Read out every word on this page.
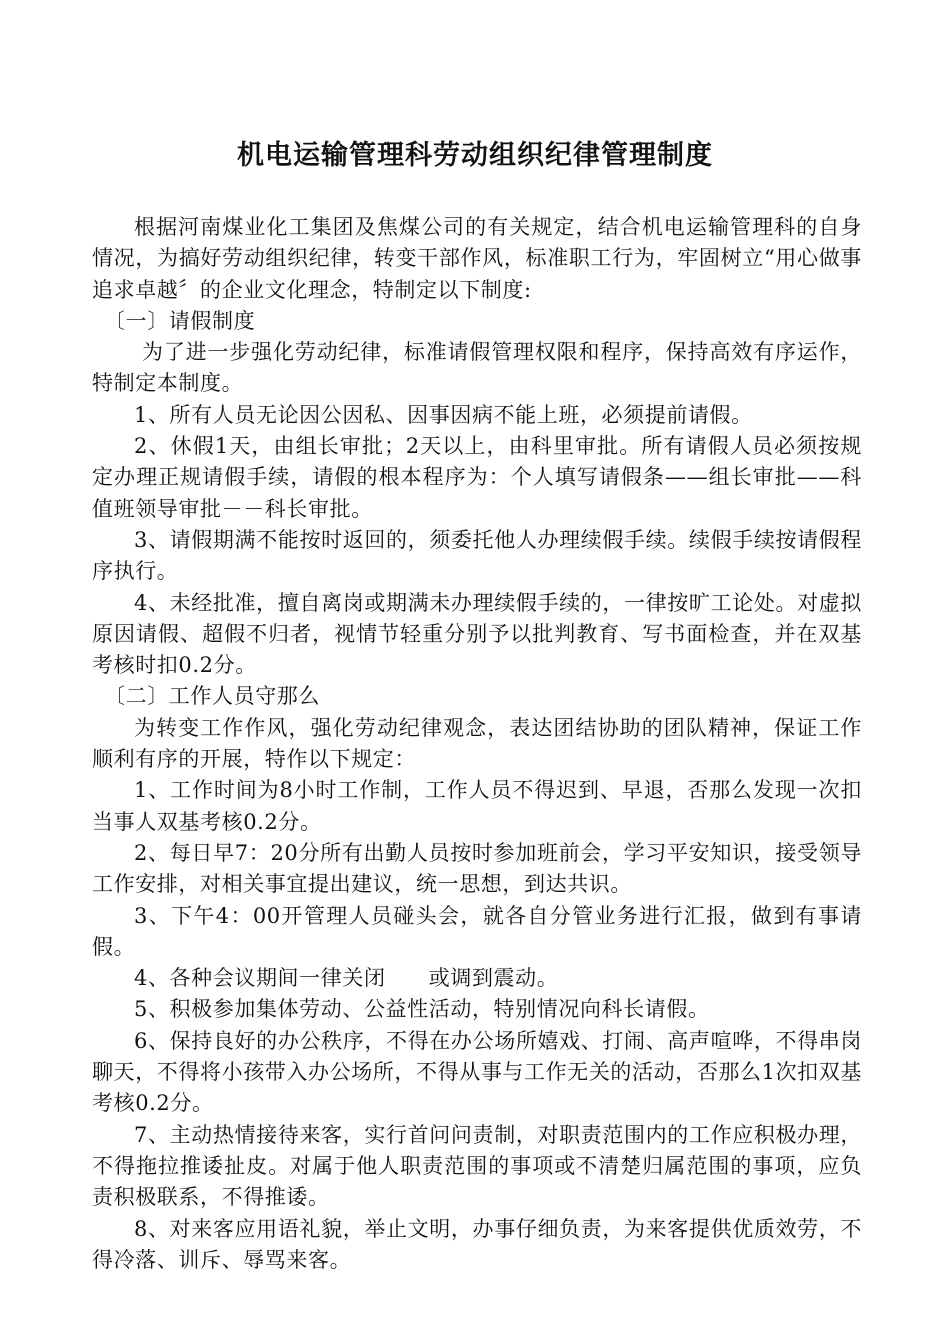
机电运输管理科劳动组织纪律管理制度

根据河南煤业化工集团及焦煤公司的有关规定，结合机电运输管理科的自身情况，为搞好劳动组织纪律，转变干部作风，标准职工行为，牢固树立“用心做事　追求卓越〞的企业文化理念，特制定以下制度:

〔一〕请假制度

为了进一步强化劳动纪律，标准请假管理权限和程序，保持高效有序运作，特制定本制度。

1、所有人员无论因公因私、因事因病不能上班，必须提前请假。

2、休假1天，由组长审批；2天以上，由科里审批。所有请假人员必须按规定办理正规请假手续，请假的根本程序为：个人填写请假条——组长审批——科值班领导审批－－科长审批。

3、请假期满不能按时返回的，须委托他人办理续假手续。续假手续按请假程序执行。

4、未经批准，擅自离岗或期满未办理续假手续的，一律按旷工论处。对虚拟原因请假、超假不归者，视情节轻重分别予以批判教育、写书面检查，并在双基考核时扣0.2分。

〔二〕工作人员守那么

为转变工作作风，强化劳动纪律观念，表达团结协助的团队精神，保证工作顺利有序的开展，特作以下规定：

1、工作时间为8小时工作制，工作人员不得迟到、早退，否那么发现一次扣当事人双基考核0.2分。

2、每日早7：20分所有出勤人员按时参加班前会，学习平安知识，接受领导工作安排，对相关事宜提出建议，统一思想，到达共识。

3、下午4：00开管理人员碰头会，就各自分管业务进行汇报，做到有事请假。

4、各种会议期间一律关闭　　或调到震动。

5、积极参加集体劳动、公益性活动，特别情况向科长请假。

6、保持良好的办公秩序，不得在办公场所嬉戏、打闹、高声喧哗，不得串岗聊天，不得将小孩带入办公场所，不得从事与工作无关的活动，否那么1次扣双基考核0.2分。

7、主动热情接待来客，实行首问问责制，对职责范围内的工作应积极办理，不得拖拉推诿扯皮。对属于他人职责范围的事项或不清楚归属范围的事项，应负责积极联系，不得推诿。

8、对来客应用语礼貌，举止文明，办事仔细负责，为来客提供优质效劳，不得冷落、训斥、辱骂来客。
